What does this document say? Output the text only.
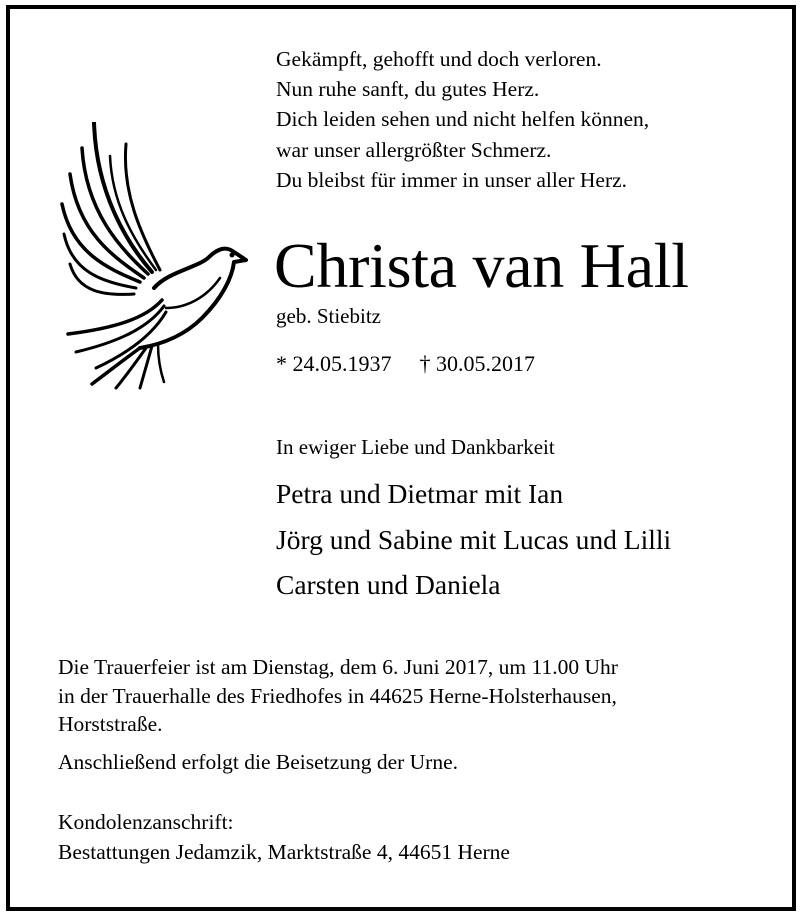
Gekämpft, gehofft und doch verloren.
Nun ruhe sanft, du gutes Herz.
Dich leiden sehen und nicht helfen können,
war unser allergrößter Schmerz.
Du bleibst für immer in unser aller Herz.
Christa van Hall
geb. Stiebitz
* 24.05.1937 † 30.05.2017
In ewiger Liebe und Dankbarkeit
Petra und Dietmar mit Ian
Jörg und Sabine mit Lucas und Lilli
Carsten und Daniela
Die Trauerfeier ist am Dienstag, dem 6. Juni 2017, um 11.00 Uhr
in der Trauerhalle des Friedhofes in 44625 Herne-Holsterhausen,
Horststraße.
Anschließend erfolgt die Beisetzung der Urne.
Kondolenzanschrift:
Bestattungen Jedamzik, Marktstraße 4, 44651 Herne
